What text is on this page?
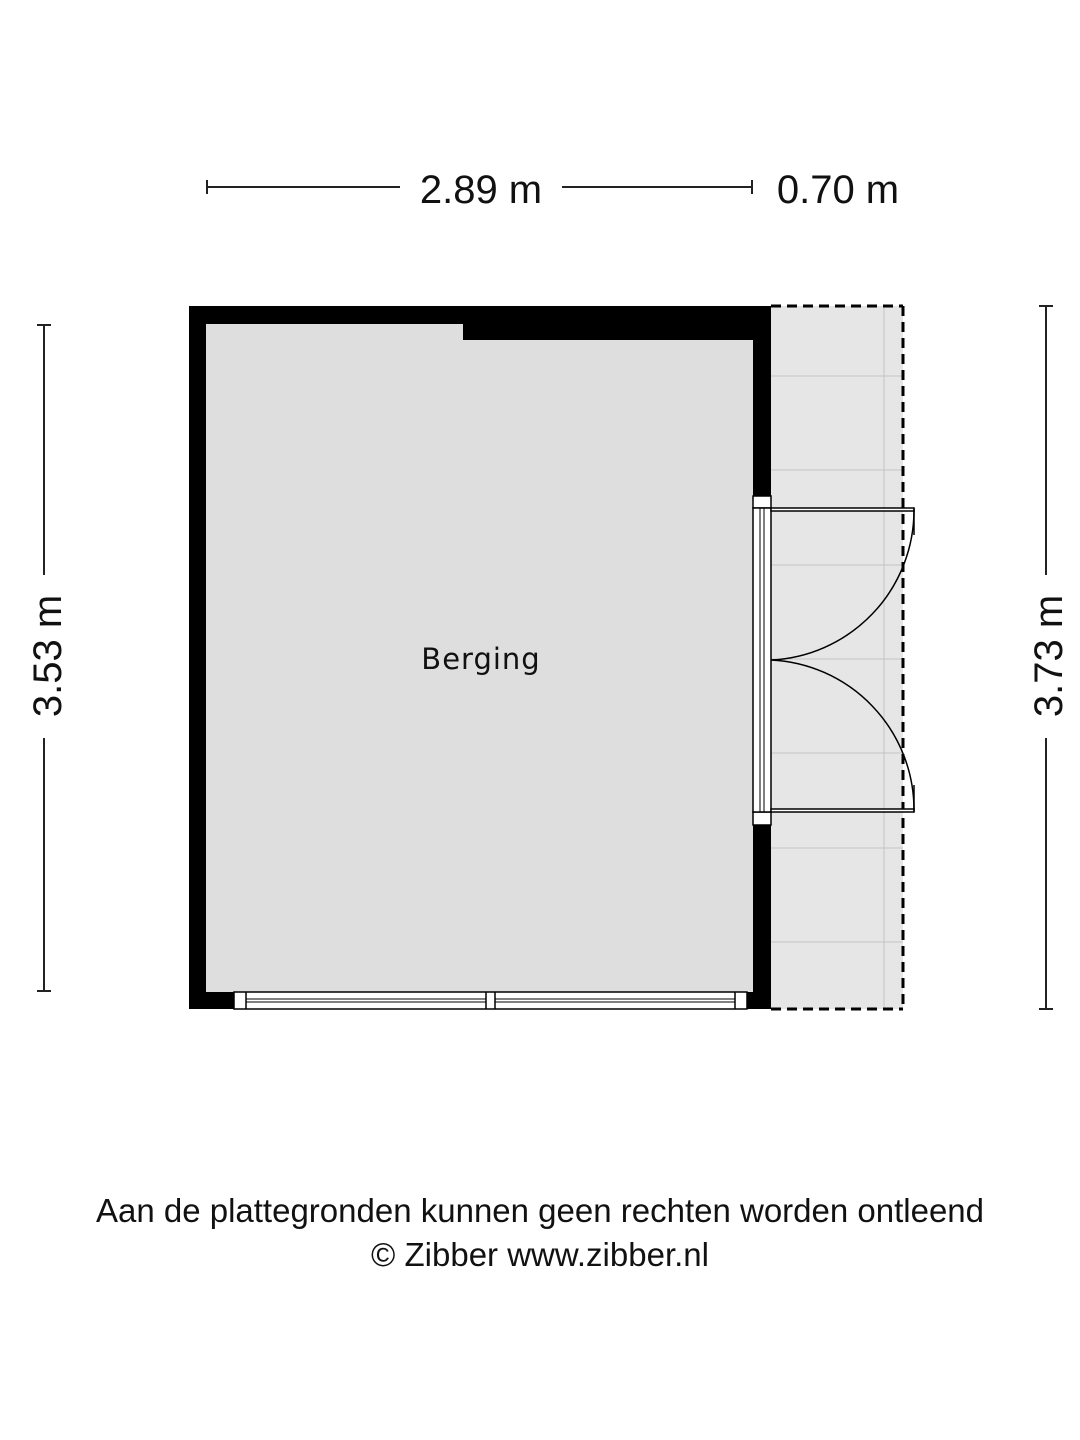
2.89 m	0.70 m
3.53 m	3.73 m
Berging
Aan de plattegronden kunnen geen rechten worden ontleend
© Zibber www.zibber.nl
